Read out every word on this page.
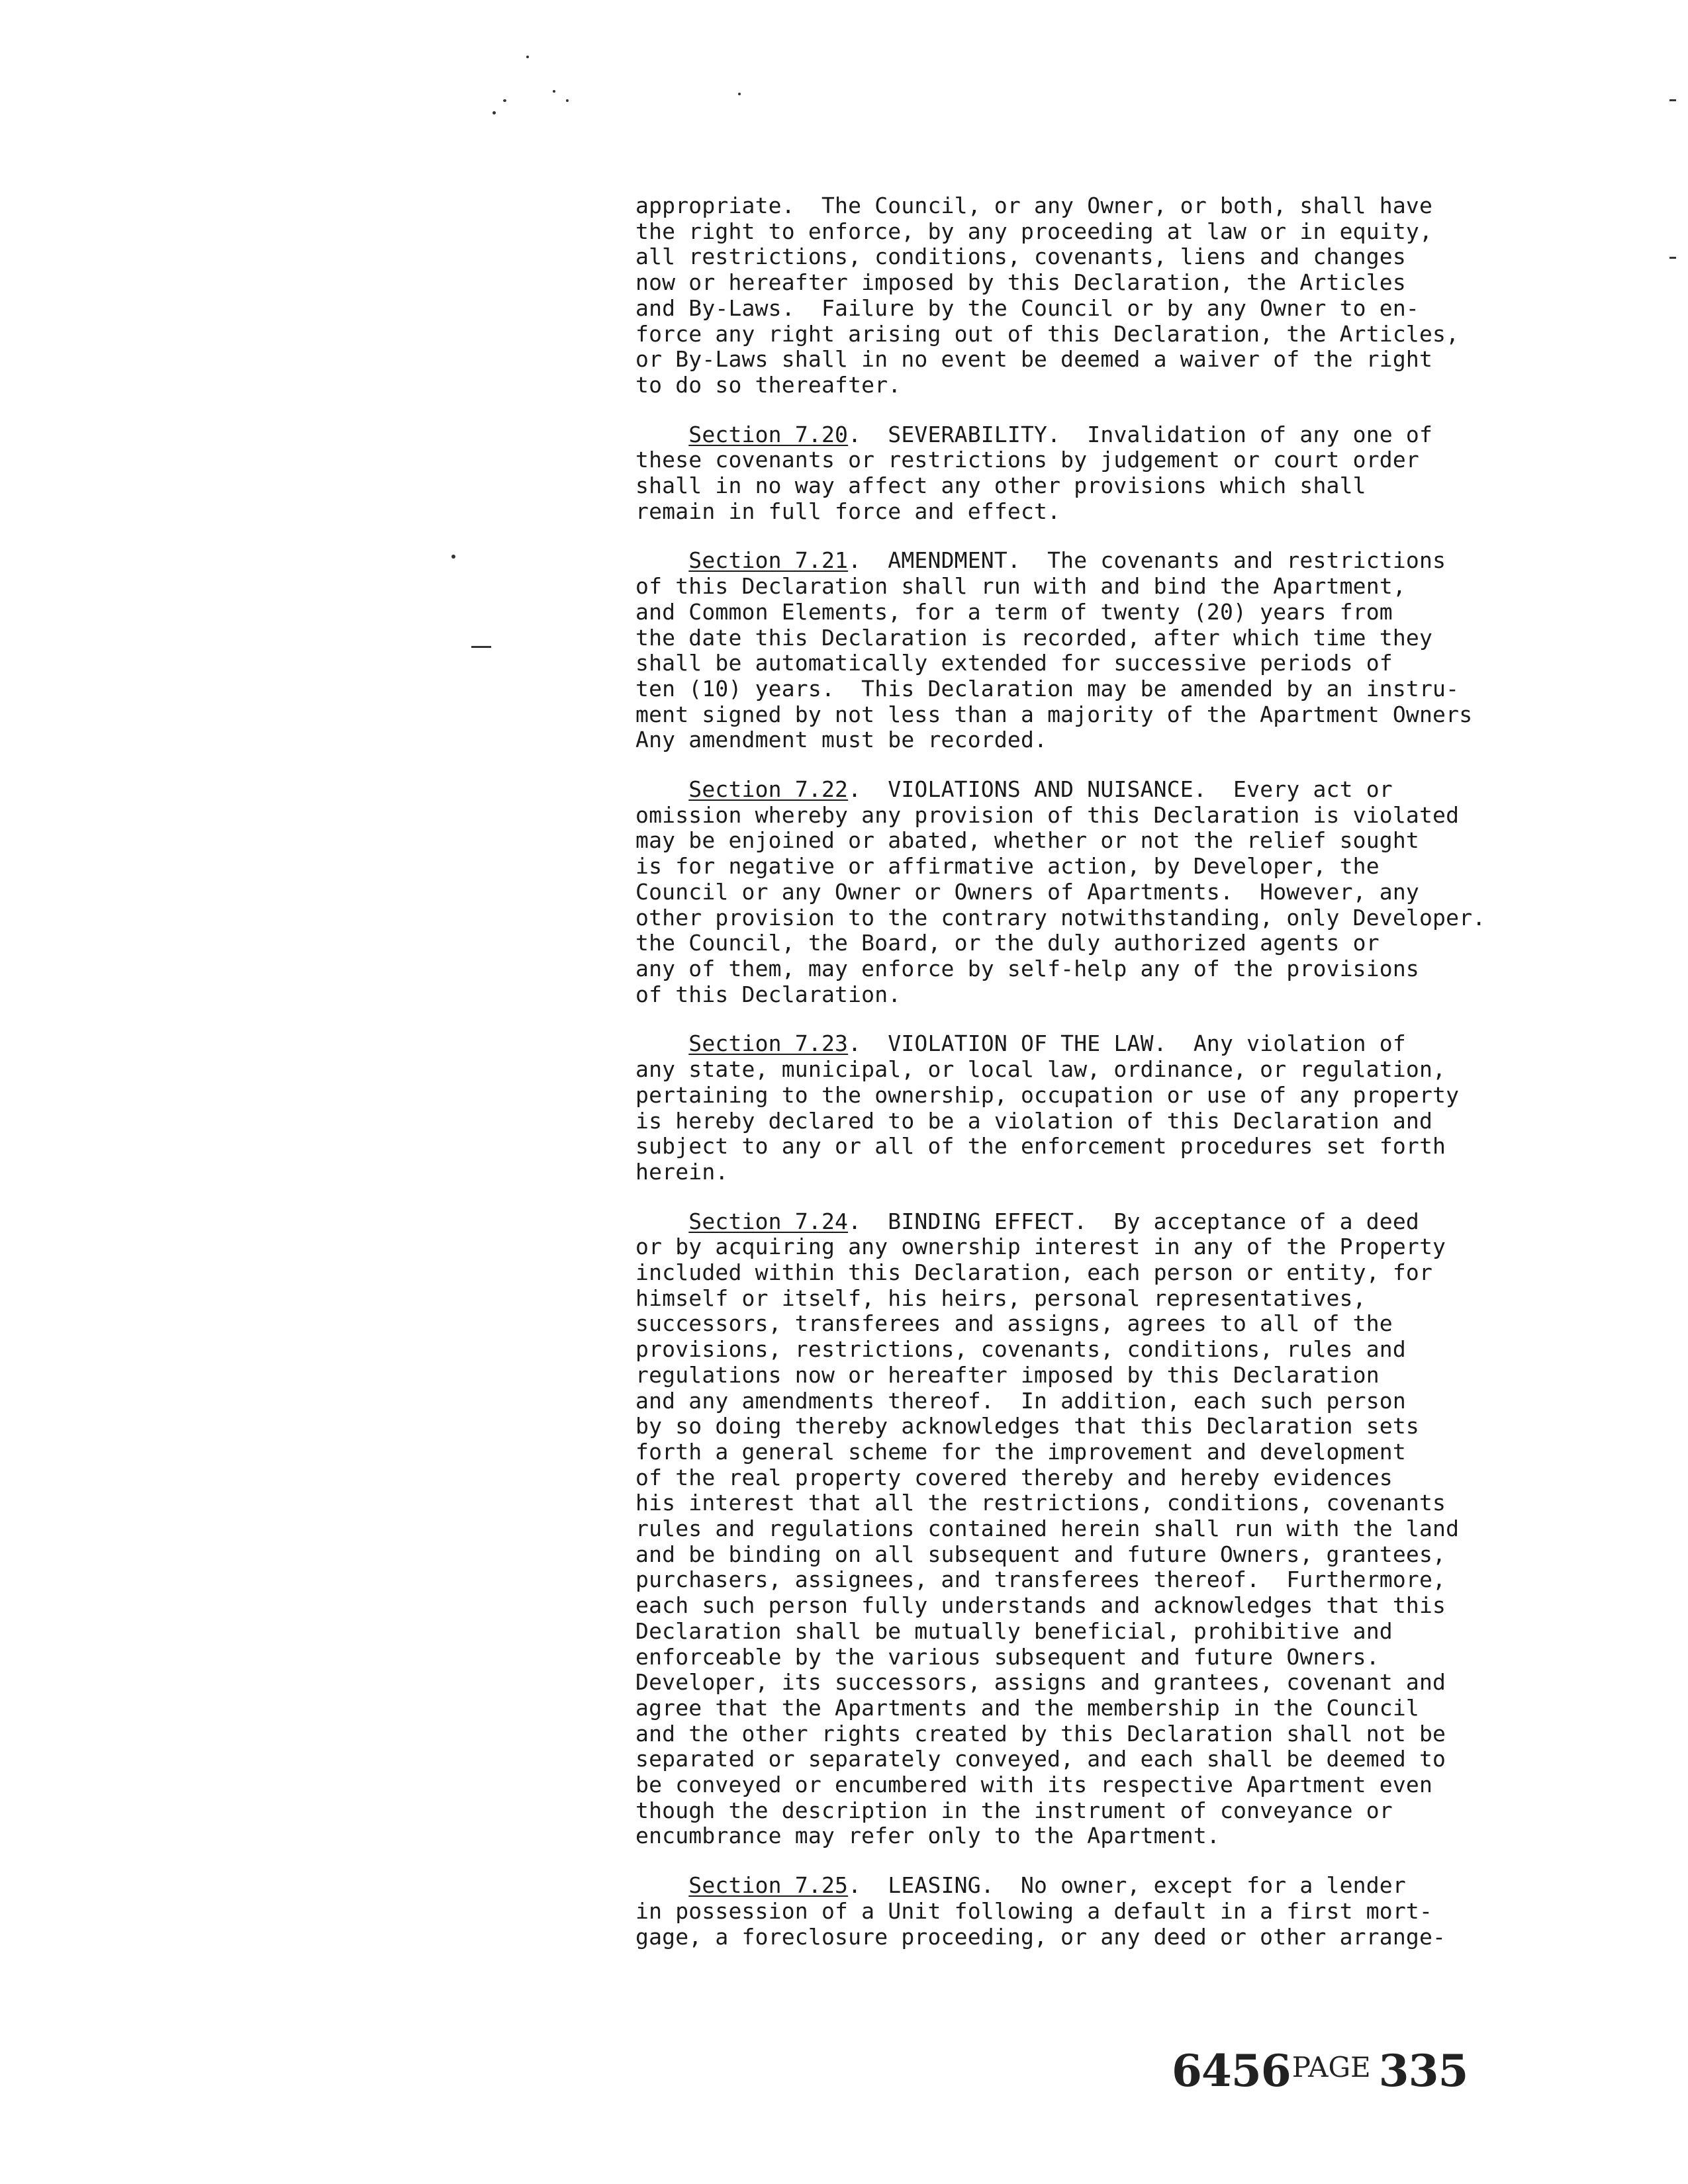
appropriate.  The Council, or any Owner, or both, shall have
the right to enforce, by any proceeding at law or in equity,
all restrictions, conditions, covenants, liens and changes
now or hereafter imposed by this Declaration, the Articles
and By-Laws.  Failure by the Council or by any Owner to en-
force any right arising out of this Declaration, the Articles,
or By-Laws shall in no event be deemed a waiver of the right
to do so thereafter.
Section 7.20.  SEVERABILITY.  Invalidation of any one of
these covenants or restrictions by judgement or court order
shall in no way affect any other provisions which shall
remain in full force and effect.
Section 7.21.  AMENDMENT.  The covenants and restrictions
of this Declaration shall run with and bind the Apartment,
and Common Elements, for a term of twenty (20) years from
the date this Declaration is recorded, after which time they
shall be automatically extended for successive periods of
ten (10) years.  This Declaration may be amended by an instru-
ment signed by not less than a majority of the Apartment Owners
Any amendment must be recorded.
Section 7.22.  VIOLATIONS AND NUISANCE.  Every act or
omission whereby any provision of this Declaration is violated
may be enjoined or abated, whether or not the relief sought
is for negative or affirmative action, by Developer, the
Council or any Owner or Owners of Apartments.  However, any
other provision to the contrary notwithstanding, only Developer.
the Council, the Board, or the duly authorized agents or
any of them, may enforce by self-help any of the provisions
of this Declaration.
Section 7.23.  VIOLATION OF THE LAW.  Any violation of
any state, municipal, or local law, ordinance, or regulation,
pertaining to the ownership, occupation or use of any property
is hereby declared to be a violation of this Declaration and
subject to any or all of the enforcement procedures set forth
herein.
Section 7.24.  BINDING EFFECT.  By acceptance of a deed
or by acquiring any ownership interest in any of the Property
included within this Declaration, each person or entity, for
himself or itself, his heirs, personal representatives,
successors, transferees and assigns, agrees to all of the
provisions, restrictions, covenants, conditions, rules and
regulations now or hereafter imposed by this Declaration
and any amendments thereof.  In addition, each such person
by so doing thereby acknowledges that this Declaration sets
forth a general scheme for the improvement and development
of the real property covered thereby and hereby evidences
his interest that all the restrictions, conditions, covenants
rules and regulations contained herein shall run with the land
and be binding on all subsequent and future Owners, grantees,
purchasers, assignees, and transferees thereof.  Furthermore,
each such person fully understands and acknowledges that this
Declaration shall be mutually beneficial, prohibitive and
enforceable by the various subsequent and future Owners.
Developer, its successors, assigns and grantees, covenant and
agree that the Apartments and the membership in the Council
and the other rights created by this Declaration shall not be
separated or separately conveyed, and each shall be deemed to
be conveyed or encumbered with its respective Apartment even
though the description in the instrument of conveyance or
encumbrance may refer only to the Apartment.
Section 7.25.  LEASING.  No owner, except for a lender
in possession of a Unit following a default in a first mort-
gage, a foreclosure proceeding, or any deed or other arrange-
$6456^{PAGE}$ 335
